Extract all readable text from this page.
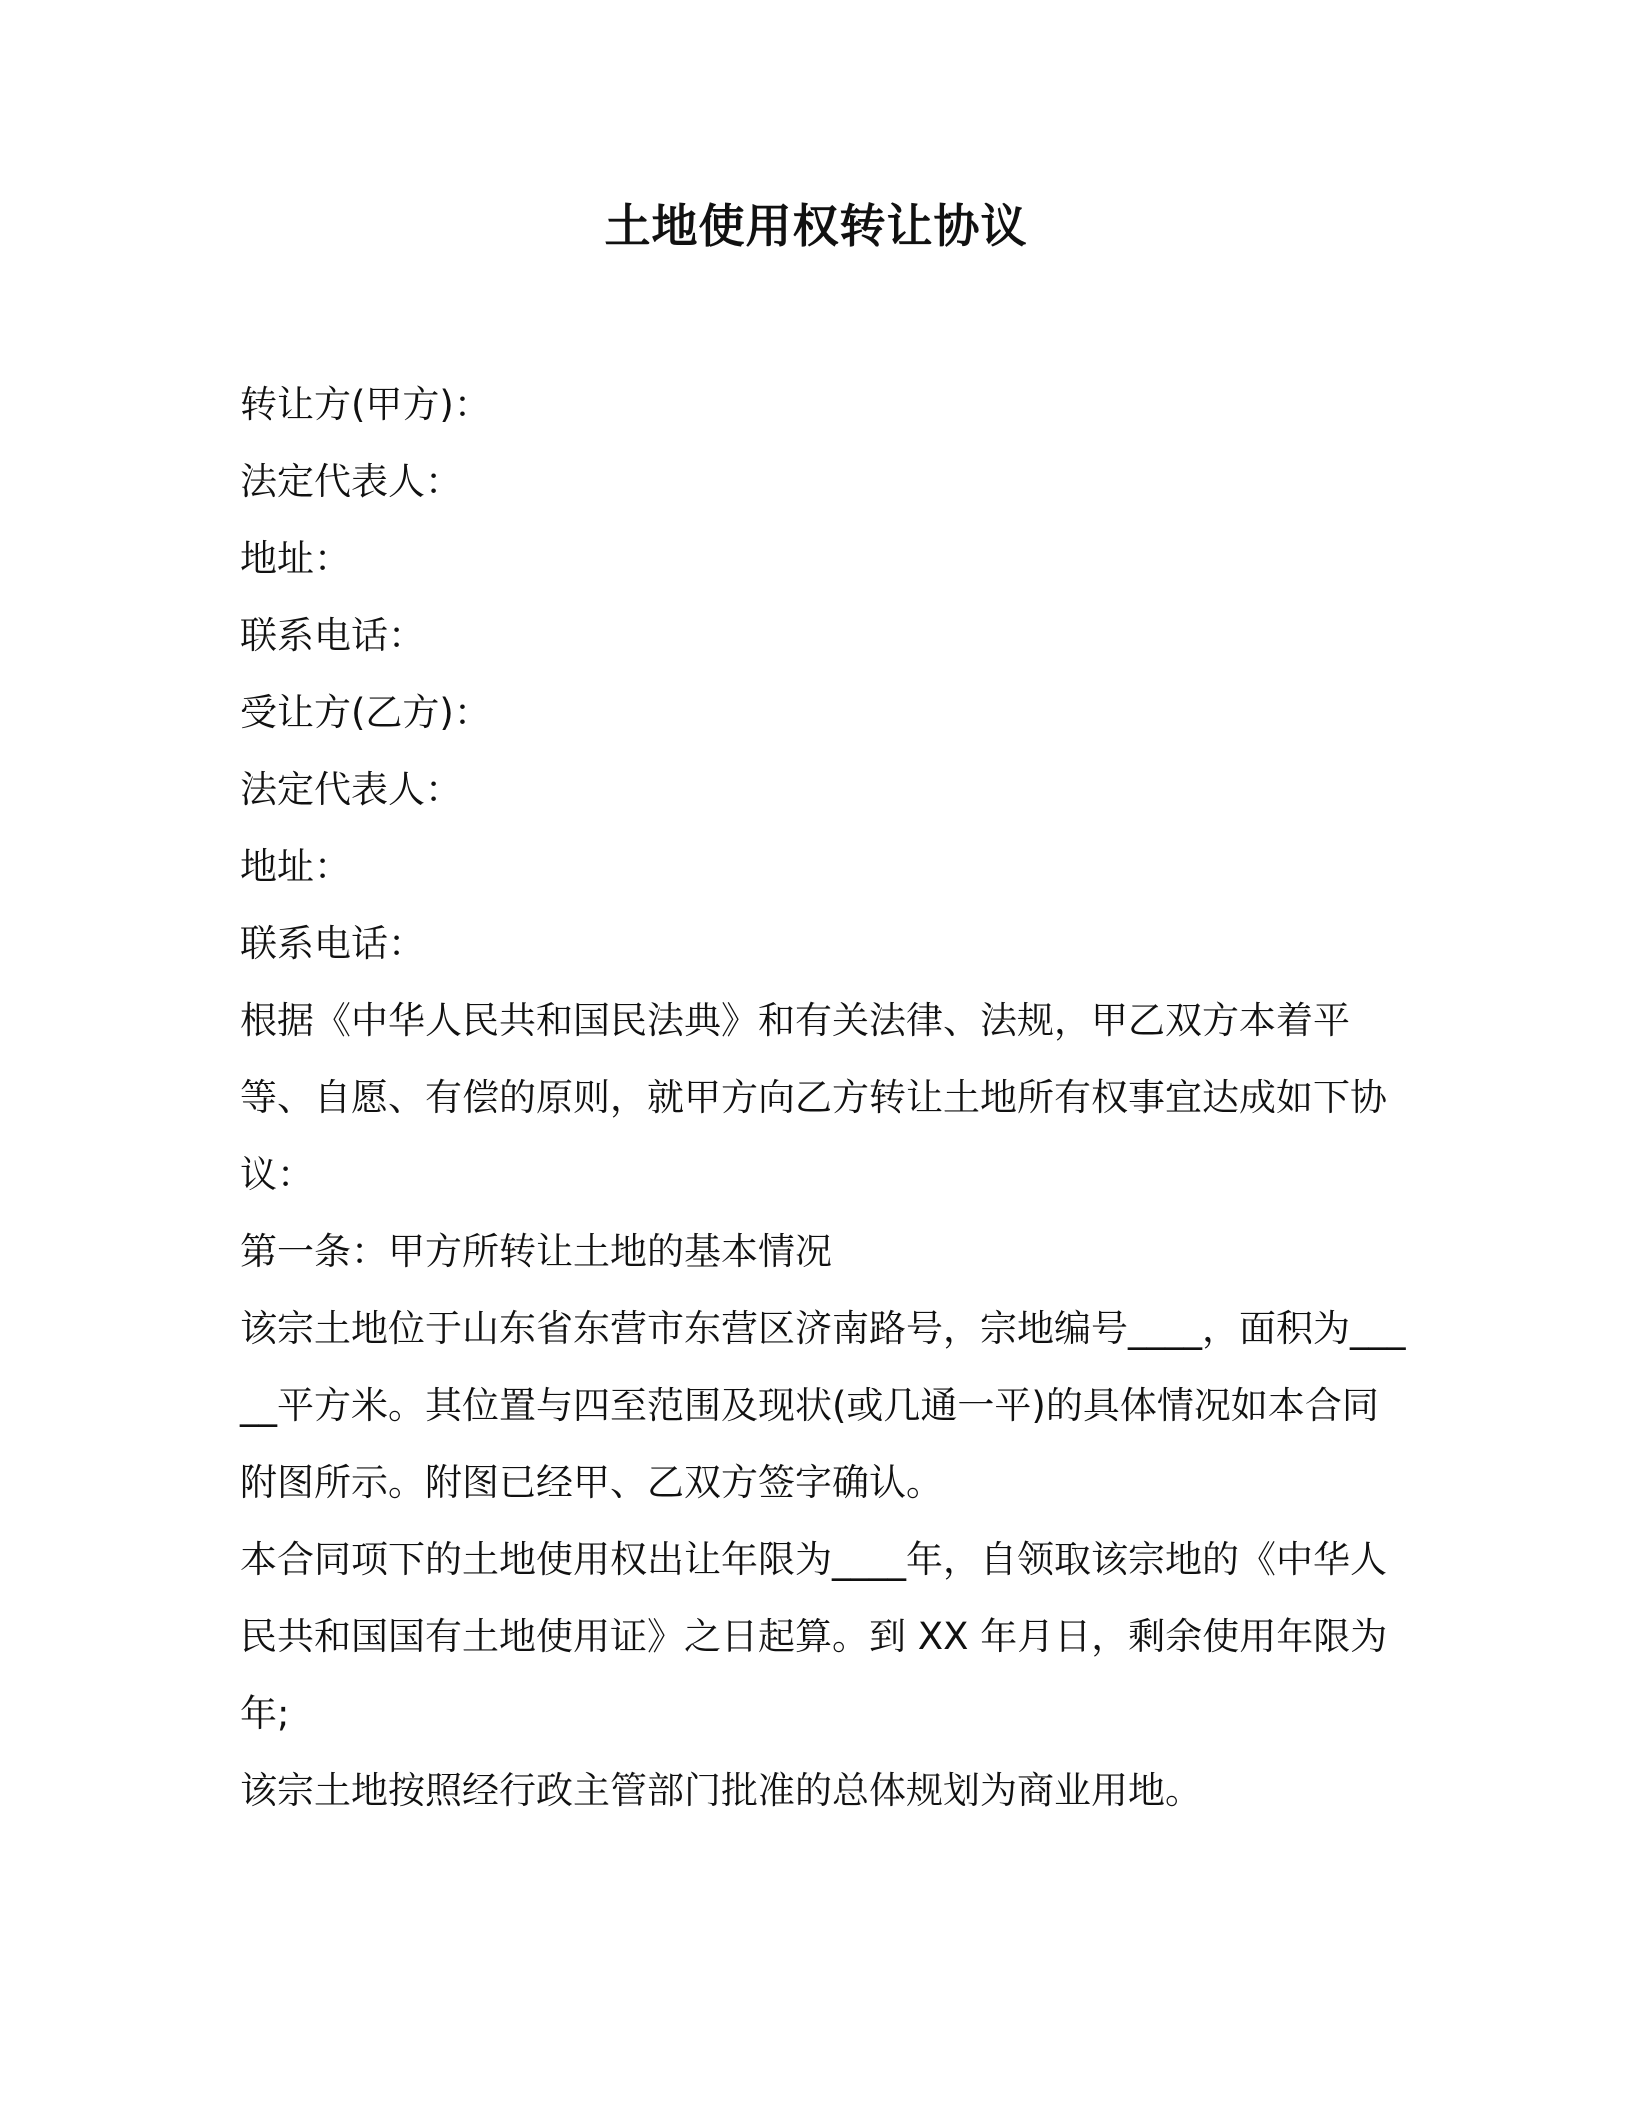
土地使用权转让协议
转让方(甲方)：
法定代表人：
地址：
联系电话：
受让方(乙方)：
法定代表人：
地址：
联系电话：
根据《中华人民共和国民法典》和有关法律、法规，甲乙双方本着平等、自愿、有偿的原则，就甲方向乙方转让土地所有权事宜达成如下协议：
第一条：甲方所转让土地的基本情况
该宗土地位于山东省东营市东营区济南路号，宗地编号____，面积为_____平方米。其位置与四至范围及现状(或几通一平)的具体情况如本合同附图所示。附图已经甲、乙双方签字确认。
本合同项下的土地使用权出让年限为____年，自领取该宗地的《中华人民共和国国有土地使用证》之日起算。到 XX 年月日，剩余使用年限为年;
该宗土地按照经行政主管部门批准的总体规划为商业用地。
